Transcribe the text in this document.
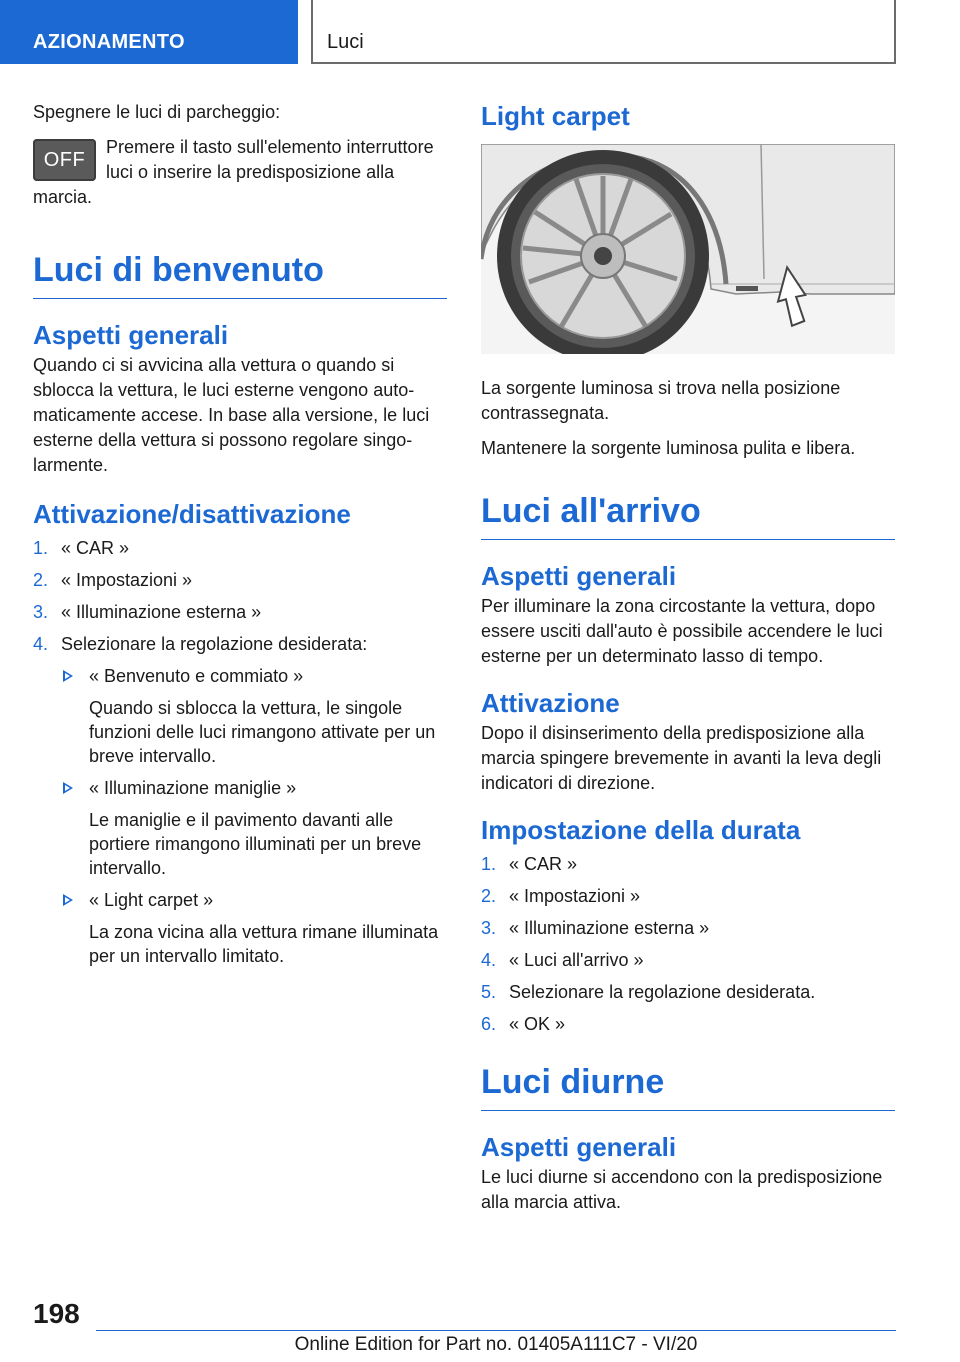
AZIONAMENTO	Luci

Spegnere le luci di parcheggio:

OFF

Premere il tasto sull'elemento interruttore luci o inserire la predisposizione alla marcia.

Luci di benvenuto
Aspetti generali

Quando ci si avvicina alla vettura o quando si sblocca la vettura, le luci esterne vengono automaticamente accese. In base alla versione, le luci esterne della vettura si possono regolare singolarmente.

Attivazione/disattivazione
1. « CAR »
2. « Impostazioni »
3. « Illuminazione esterna »
4. Selezionare la regolazione desiderata:
« Benvenuto e commiato »
Quando si sblocca la vettura, le singole funzioni delle luci rimangono attivate per un breve intervallo.
« Illuminazione maniglie »
Le maniglie e il pavimento davanti alle portiere rimangono illuminati per un breve intervallo.
« Light carpet »
La zona vicina alla vettura rimane illuminata per un intervallo limitato.
Light carpet

La sorgente luminosa si trova nella posizione contrassegnata.

Mantenere la sorgente luminosa pulita e libera.

Luci all'arrivo
Aspetti generali

Per illuminare la zona circostante la vettura, dopo essere usciti dall'auto è possibile accendere le luci esterne per un determinato lasso di tempo.

Attivazione

Dopo il disinserimento della predisposizione alla marcia spingere brevemente in avanti la leva degli indicatori di direzione.

Impostazione della durata
1. « CAR »
2. « Impostazioni »
3. « Illuminazione esterna »
4. « Luci all'arrivo »
5. Selezionare la regolazione desiderata.
6. « OK »
Luci diurne
Aspetti generali

Le luci diurne si accendono con la predisposizione alla marcia attiva.

198
Online Edition for Part no. 01405A111C7 - VI/20
